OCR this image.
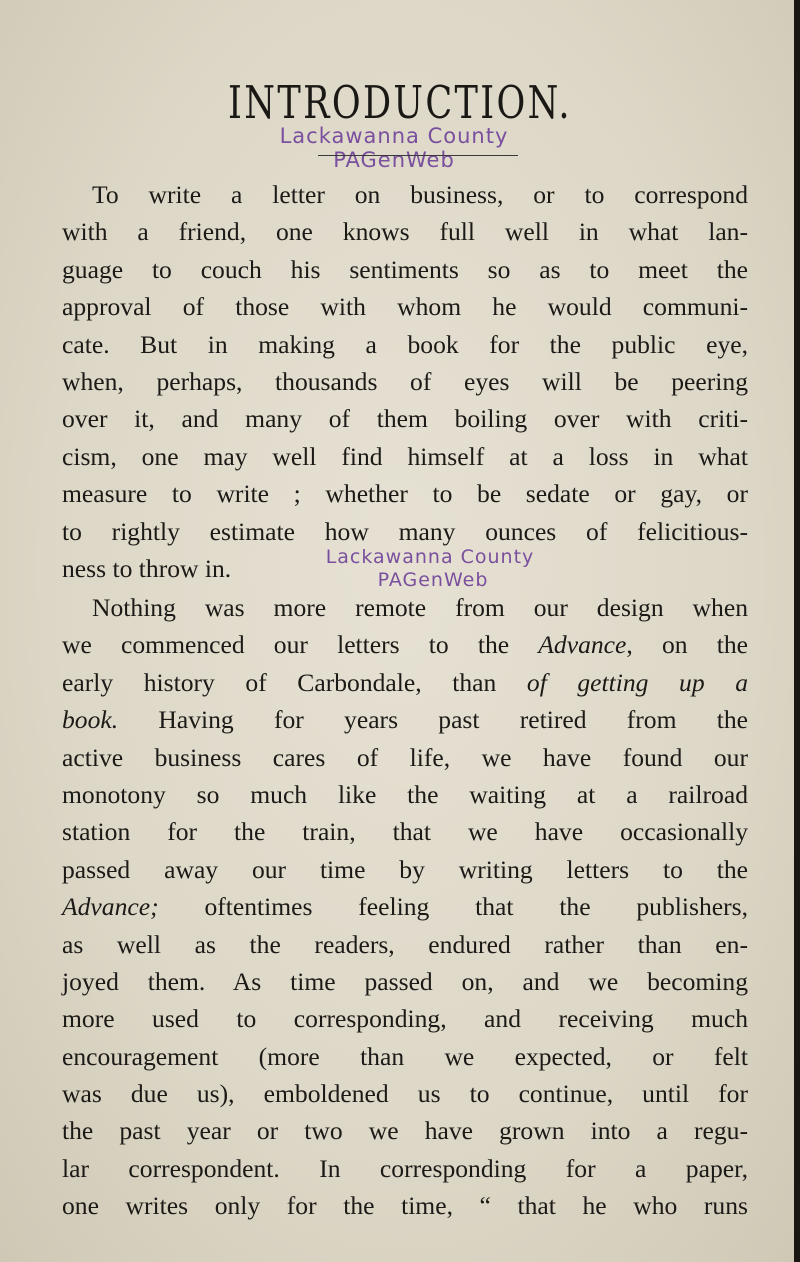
INTRODUCTION.
Lackawanna County
PAGenWeb
To write a letter on business, or to correspond
with a friend, one knows full well in what lan-
guage to couch his sentiments so as to meet the
approval of those with whom he would communi-
cate. But in making a book for the public eye,
when, perhaps, thousands of eyes will be peering
over it, and many of them boiling over with criti-
cism, one may well find himself at a loss in what
measure to write ; whether to be sedate or gay, or
to rightly estimate how many ounces of felicitious-
ness to throw in.	Lackawanna County
PAGenWeb
Nothing was more remote from our design when
we commenced our letters to the Advance, on the
early history of Carbondale, than of getting up a
book. Having for years past retired from the
active business cares of life, we have found our
monotony so much like the waiting at a railroad
station for the train, that we have occasionally
passed away our time by writing letters to the
Advance; oftentimes feeling that the publishers,
as well as the readers, endured rather than en-
joyed them. As time passed on, and we becoming
more used to corresponding, and receiving much
encouragement (more than we expected, or felt
was due us), emboldened us to continue, until for
the past year or two we have grown into a regu-
lar correspondent. In corresponding for a paper,
one writes only for the time, “ that he who runs
